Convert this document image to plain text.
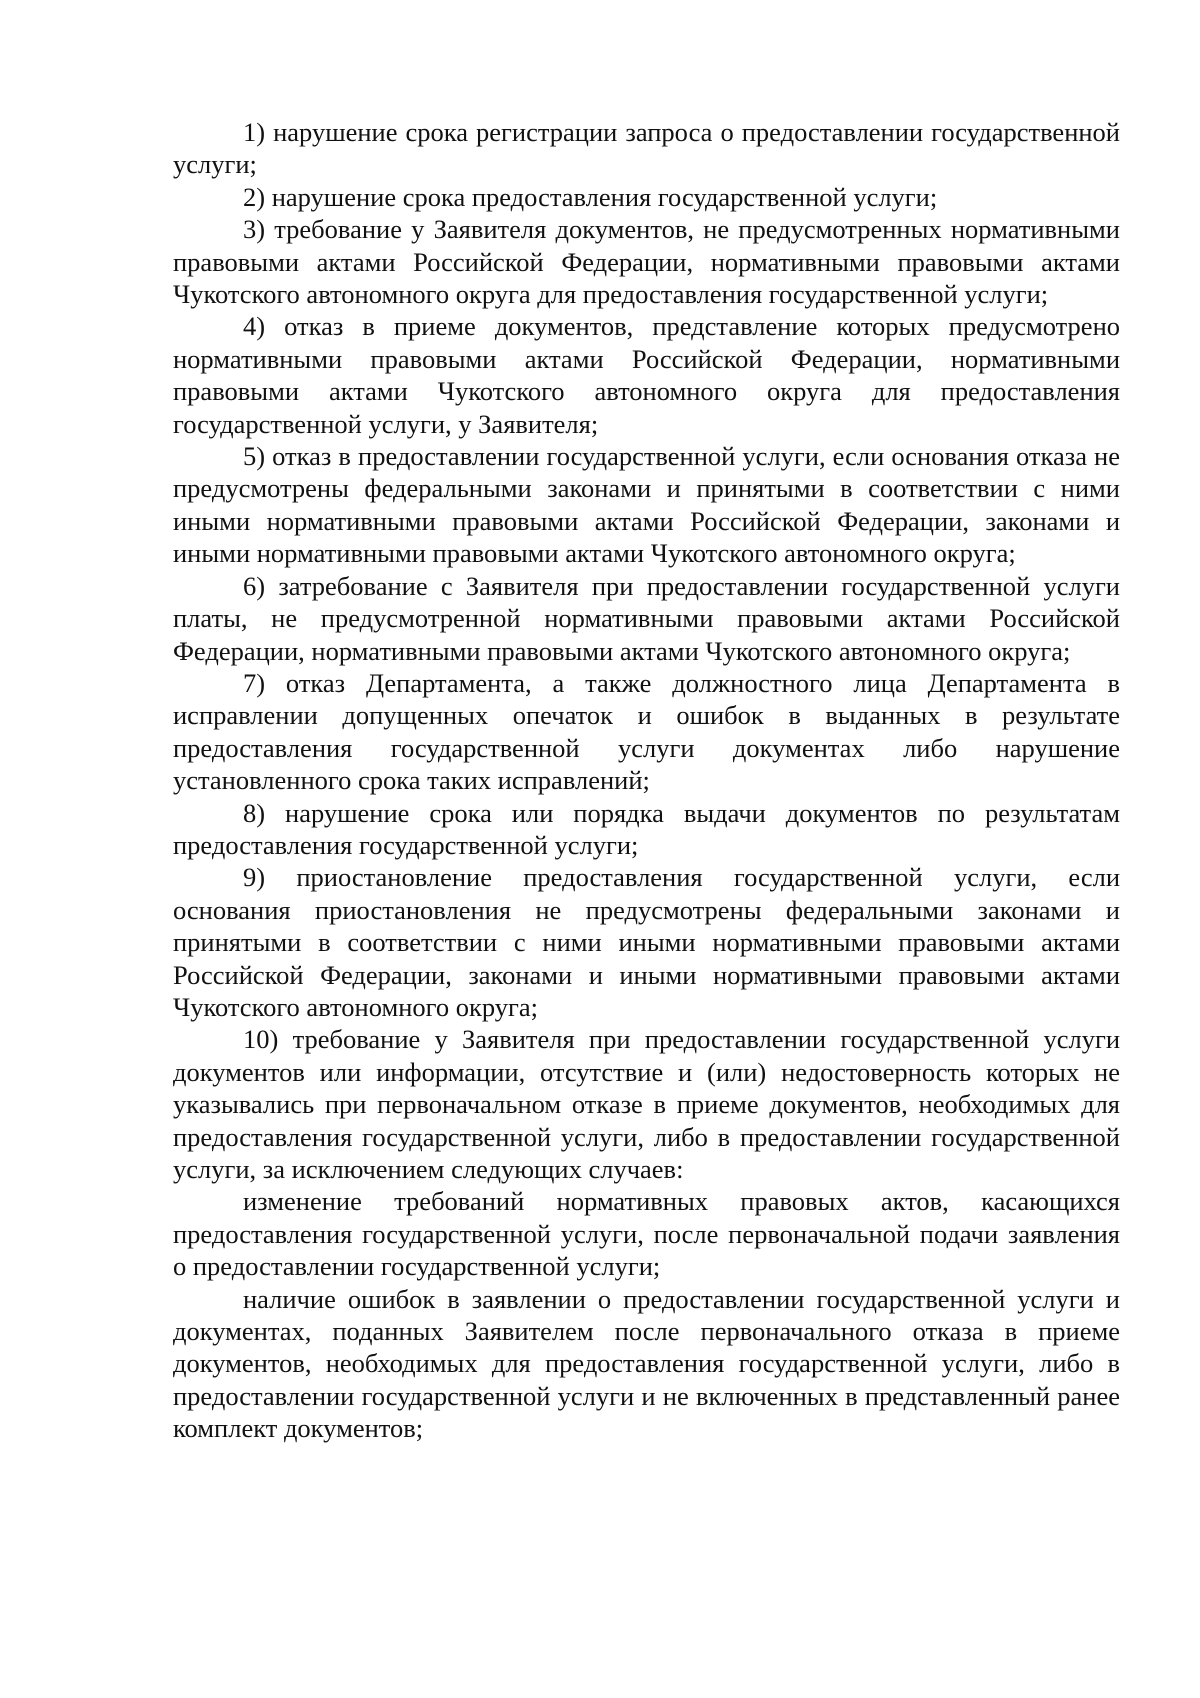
1) нарушение срока регистрации запроса о предоставлении государственной услуги;

2) нарушение срока предоставления государственной услуги;

3) требование у Заявителя документов, не предусмотренных нормативными правовыми актами Российской Федерации, нормативными правовыми актами Чукотского автономного округа для предоставления государственной услуги;

4) отказ в приеме документов, представление которых предусмотрено нормативными правовыми актами Российской Федерации, нормативными правовыми актами Чукотского автономного округа для предоставления государственной услуги, у Заявителя;

5) отказ в предоставлении государственной услуги, если основания отказа не предусмотрены федеральными законами и принятыми в соответствии с ними иными нормативными правовыми актами Российской Федерации, законами и иными нормативными правовыми актами Чукотского автономного округа;

6) затребование с Заявителя при предоставлении государственной услуги платы, не предусмотренной нормативными правовыми актами Российской Федерации, нормативными правовыми актами Чукотского автономного округа;

7) отказ Департамента, а также должностного лица Департамента в исправлении допущенных опечаток и ошибок в выданных в результате предоставления государственной услуги документах либо нарушение установленного срока таких исправлений;

8) нарушение срока или порядка выдачи документов по результатам предоставления государственной услуги;

9) приостановление предоставления государственной услуги, если основания приостановления не предусмотрены федеральными законами и принятыми в соответствии с ними иными нормативными правовыми актами Российской Федерации, законами и иными нормативными правовыми актами Чукотского автономного округа;

10) требование у Заявителя при предоставлении государственной услуги документов или информации, отсутствие и (или) недостоверность которых не указывались при первоначальном отказе в приеме документов, необходимых для предоставления государственной услуги, либо в предоставлении государственной услуги, за исключением следующих случаев:

изменение требований нормативных правовых актов, касающихся предоставления государственной услуги, после первоначальной подачи заявления о предоставлении государственной услуги;

наличие ошибок в заявлении о предоставлении государственной услуги и документах, поданных Заявителем после первоначального отказа в приеме документов, необходимых для предоставления государственной услуги, либо в предоставлении государственной услуги и не включенных в представленный ранее комплект документов;
